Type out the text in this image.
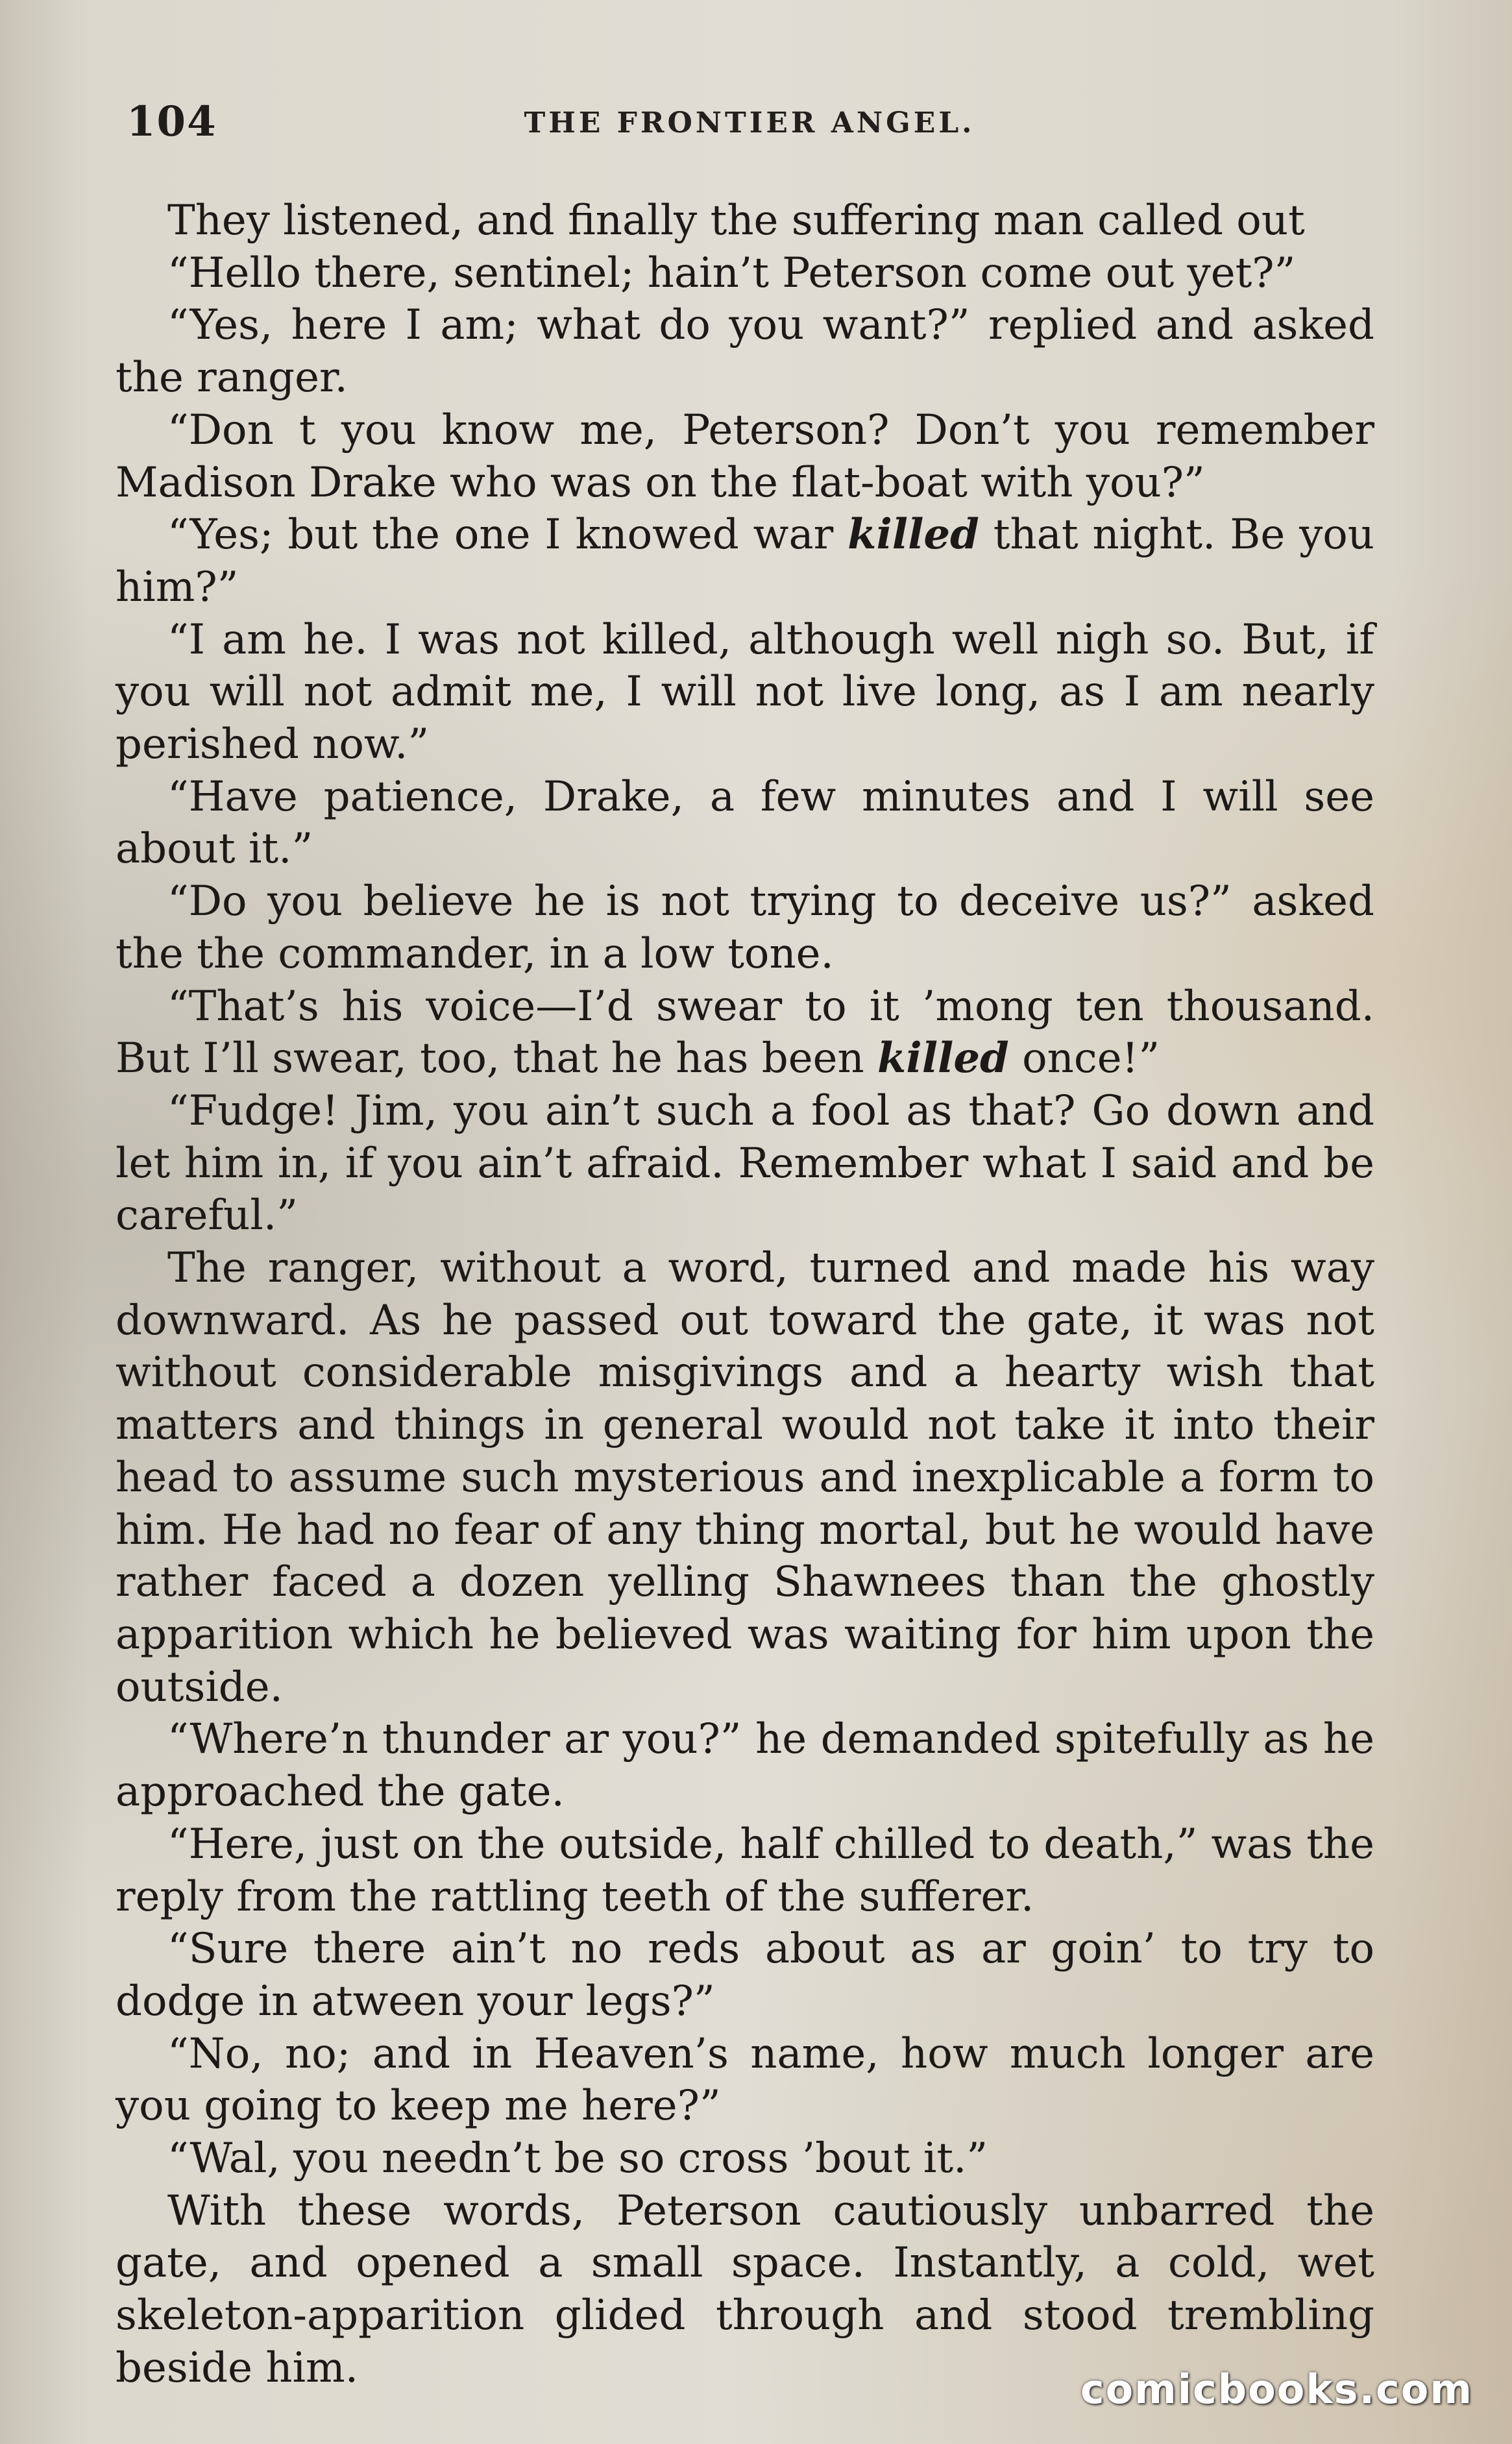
104	THE FRONTIER ANGEL.

They listened, and finally the suffering man called out

“Hello there, sentinel; hain’t Peterson come out yet?”

“Yes, here I am; what do you want?” replied and asked the ranger.

“Don t you know me, Peterson? Don’t you remember Madison Drake who was on the flat-boat with you?”

“Yes; but the one I knowed war killed that night. Be you him?”

“I am he. I was not killed, although well nigh so. But, if you will not admit me, I will not live long, as I am nearly perished now.”

“Have patience, Drake, a few minutes and I will see about it.”

“Do you believe he is not trying to deceive us?” asked the the commander, in a low tone.

“That’s his voice—I’d swear to it ’mong ten thousand. But I’ll swear, too, that he has been killed once!”

“Fudge! Jim, you ain’t such a fool as that? Go down and let him in, if you ain’t afraid. Remember what I said and be careful.”

The ranger, without a word, turned and made his way downward. As he passed out toward the gate, it was not without considerable misgivings and a hearty wish that matters and things in general would not take it into their head to assume such mysterious and inexplicable a form to him. He had no fear of any thing mortal, but he would have rather faced a dozen yelling Shawnees than the ghostly apparition which he believed was waiting for him upon the outside.

“Where’n thunder ar you?” he demanded spitefully as he approached the gate.

“Here, just on the outside, half chilled to death,” was the reply from the rattling teeth of the sufferer.

“Sure there ain’t no reds about as ar goin’ to try to dodge in atween your legs?”

“No, no; and in Heaven’s name, how much longer are you going to keep me here?”

“Wal, you needn’t be so cross ’bout it.”

With these words, Peterson cautiously unbarred the gate, and opened a small space. Instantly, a cold, wet skeleton-apparition glided through and stood trembling beside him.	comicbooks.com
